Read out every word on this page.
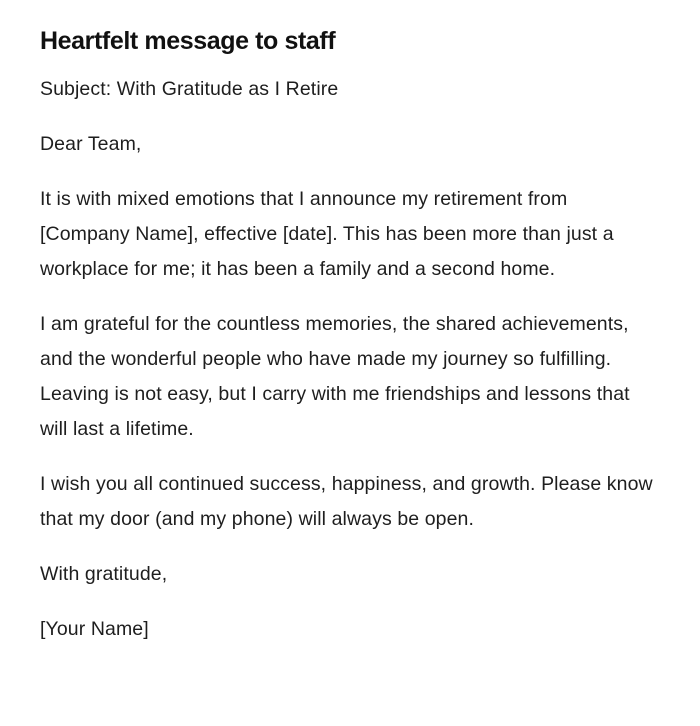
Heartfelt message to staff

Subject: With Gratitude as I Retire

Dear Team,

It is with mixed emotions that I announce my retirement from [Company Name], effective [date]. This has been more than just a workplace for me; it has been a family and a second home.

I am grateful for the countless memories, the shared achievements, and the wonderful people who have made my journey so fulfilling. Leaving is not easy, but I carry with me friendships and lessons that will last a lifetime.

I wish you all continued success, happiness, and growth. Please know that my door (and my phone) will always be open.

With gratitude,

[Your Name]
